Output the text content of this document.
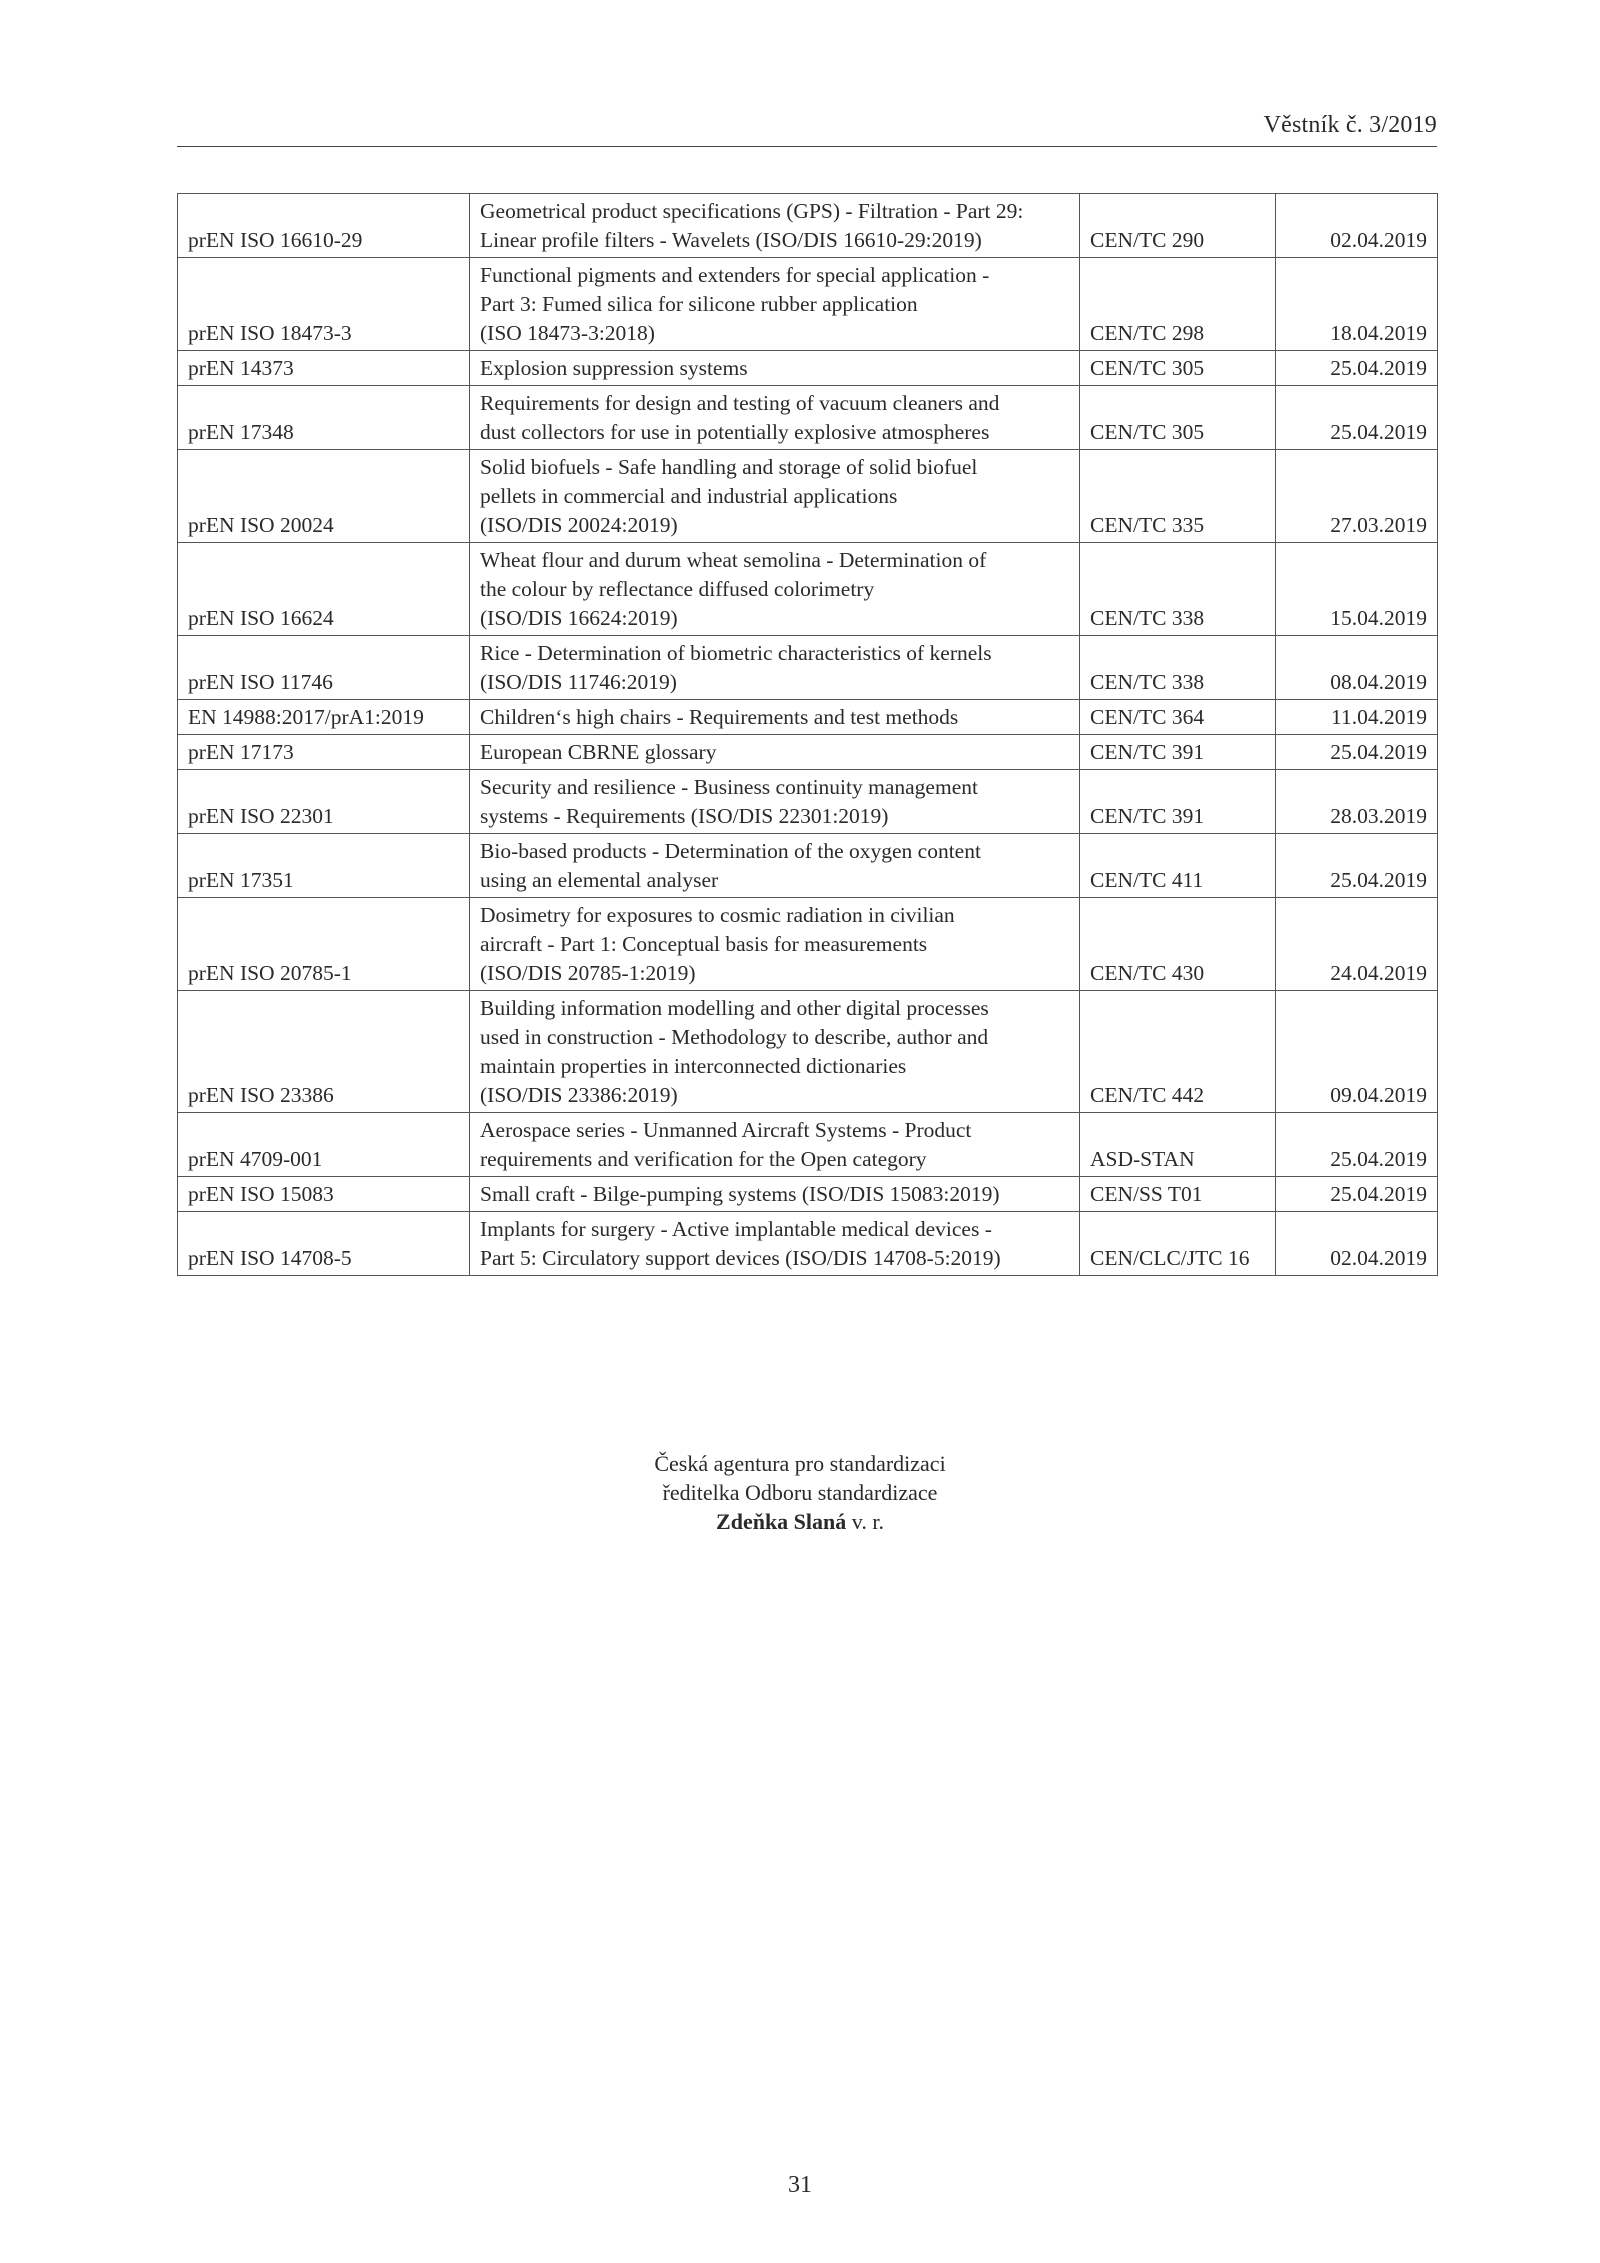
Věstník č. 3/2019
prEN ISO 16610-29	Geometrical product specifications (GPS) - Filtration - Part 29:
Linear profile filters - Wavelets (ISO/DIS 16610-29:2019)	CEN/TC 290	02.04.2019
prEN ISO 18473-3	Functional pigments and extenders for special application -
Part 3: Fumed silica for silicone rubber application
(ISO 18473-3:2018)	CEN/TC 298	18.04.2019
prEN 14373	Explosion suppression systems	CEN/TC 305	25.04.2019
prEN 17348	Requirements for design and testing of vacuum cleaners and
dust collectors for use in potentially explosive atmospheres	CEN/TC 305	25.04.2019
prEN ISO 20024	Solid biofuels - Safe handling and storage of solid biofuel
pellets in commercial and industrial applications
(ISO/DIS 20024:2019)	CEN/TC 335	27.03.2019
prEN ISO 16624	Wheat flour and durum wheat semolina - Determination of
the colour by reflectance diffused colorimetry
(ISO/DIS 16624:2019)	CEN/TC 338	15.04.2019
prEN ISO 11746	Rice - Determination of biometric characteristics of kernels
(ISO/DIS 11746:2019)	CEN/TC 338	08.04.2019
EN 14988:2017/prA1:2019	Children‘s high chairs - Requirements and test methods	CEN/TC 364	11.04.2019
prEN 17173	European CBRNE glossary	CEN/TC 391	25.04.2019
prEN ISO 22301	Security and resilience - Business continuity management
systems - Requirements (ISO/DIS 22301:2019)	CEN/TC 391	28.03.2019
prEN 17351	Bio-based products - Determination of the oxygen content
using an elemental analyser	CEN/TC 411	25.04.2019
prEN ISO 20785-1	Dosimetry for exposures to cosmic radiation in civilian
aircraft - Part 1: Conceptual basis for measurements
(ISO/DIS 20785-1:2019)	CEN/TC 430	24.04.2019
prEN ISO 23386	Building information modelling and other digital processes
used in construction - Methodology to describe, author and
maintain properties in interconnected dictionaries
(ISO/DIS 23386:2019)	CEN/TC 442	09.04.2019
prEN 4709-001	Aerospace series - Unmanned Aircraft Systems - Product
requirements and verification for the Open category	ASD-STAN	25.04.2019
prEN ISO 15083	Small craft - Bilge-pumping systems (ISO/DIS 15083:2019)	CEN/SS T01	25.04.2019
prEN ISO 14708-5	Implants for surgery - Active implantable medical devices -
Part 5: Circulatory support devices (ISO/DIS 14708-5:2019)	CEN/CLC/JTC 16	02.04.2019
Česká agentura pro standardizaci
ředitelka Odboru standardizace
Zdeňka Slaná v. r.
31
